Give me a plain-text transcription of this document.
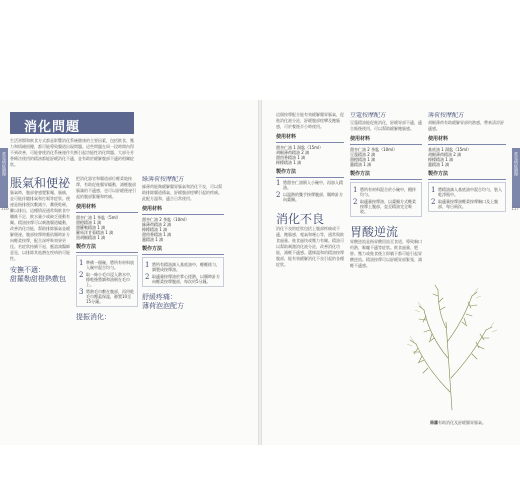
常見病症調理
116
消化問題
生活習慣和飲食方式都是影響消化系統健康的主要因素，包括飲食、壓力和情緒困擾，都可能導致腸道出現問題。這些問題在同一段時間內得不到改善，可能會使消化系統運作失衡引起功能性消化問題。大部分芳香療法使用的精油都能舒緩消化不適，並有助於緩解腹部不適的相關症狀。
脹氣和便祕
脹氣時，腹部會感覺緊繃、脹痛，並可能伴隨排氣和打嗝等症狀。便祕是指排便次數減少，糞便乾硬、難以排出，這種情況通常與飲食中纖維不足、飲水量少或缺乏運動有關。精油按摩可以刺激腸道蠕動，改善消化功能，幫助排除脹氣並緩解便祕。腹部按摩時應依順時針方向輕柔按摩，配合深呼吸效果更佳。若症狀持續不退，應諮詢醫師意見，以排除其他潛在疾病的可能性。
安撫不適：
甜羅勒甜橙熱敷包
把消化器官和腸道部位輕柔地按摩，有助促進腸胃蠕動，減輕腹部脹滿的不適感，也可以舒緩便祕引起的腹部緊繃和疼痛。
使用材料
甜杏仁油 1 茶匙（5ml）
甜橙精油 1 滴
甜羅勒精油 1 滴
羅馬洋甘菊精油 1 滴
黑胡椒精油 1 滴
製作方法
1 準備一個碗，將所有材料放入碗中混合均勻。
2 取一條小毛巾浸入熱水中，擰乾後將調和油倒在毛巾上。
3 將熱毛巾敷在腹部，再用乾毛巾覆蓋保溫，靜置10至15分鐘。
提振消化：
綠薄荷按摩配方
綠薄荷能夠緩解腸胃脹氣和消化不良，可以幫助排除腸道積氣，舒緩腹部痙攣引起的疼痛。此配方溫和，適合日常使用。
使用材料
甜杏仁油 2 茶匙（10ml）
綠薄荷精油 2 滴
檸檬精油 1 滴
甜茴香精油 1 滴
薑精油 1 滴
製作方法
1 將所有精油滴入基底油中，輕輕搖勻，調製成按摩油。
2 取適量按摩油於掌心搓熱，以順時針方向輕柔按摩腹部，每次約5分鐘。
舒緩疼痛：
薄荷泡泡配方
常見病症調理
117
這個按摩配方能有效緩解腸胃脹氣，促進消化液分泌，舒緩腹部痙攣及飽脹感，可於餐後半小時使用。
使用材料
甜杏仁油 1 湯匙（15ml）
胡椒薄荷精油 2 滴
甜茴香精油 1 滴
檸檬精油 1 滴
製作方法
1 將甜杏仁油倒入小碗中，再加入精油。
2 以溫熱的雙手按摩腹部，順時針方向畫圈。
消化不良
消化不良的症狀包括上腹部疼痛或不適、飽脹感、噯氣和噁心等，通常與飲食過量、進食過快或壓力有關。精油可以幫助刺激消化液分泌，改善消化功能，減輕不適感。選擇溫和的精油按摩腹部，能有效緩解消化不良引起的各種症狀。
豆蔻按摩配方
豆蔻精油能促進消化，舒緩胃部不適，適合飯後使用，可以幫助緩解飽脹感。
使用材料
甜杏仁油 2 茶匙（10ml）
豆蔻精油 2 滴
甜橙精油 1 滴
薑精油 1 滴
製作方法
1 將所有材料混合於小碗中，攪拌均勻。
2 取適量按摩油，以畫圈方式輕柔按摩上腹部，直至精油完全吸收。
胃酸逆流
胃酸逆流是指胃酸回流至食道，導致胸口灼熱、喉嚨不適等症狀。飲食過量、肥胖、壓力或進食後立即躺下都可能引起胃酸逆流。精油按摩可以舒緩胃部緊張，減輕不適感。
薄荷按摩配方
胡椒薄荷有助緩解胃部灼熱感，帶來清涼舒適感。
使用材料
基底油 1 湯匙（15ml）
胡椒薄荷精油 2 滴
檸檬精油 1 滴
薑精油 1 滴
製作方法
1 將精油滴入基底油中混合均勻，裝入乾淨瓶中。
2 取適量按摩油輕柔按摩胸口及上腹部，每日兩次。
蒔蘿有助消化及舒緩腸胃脹氣。
